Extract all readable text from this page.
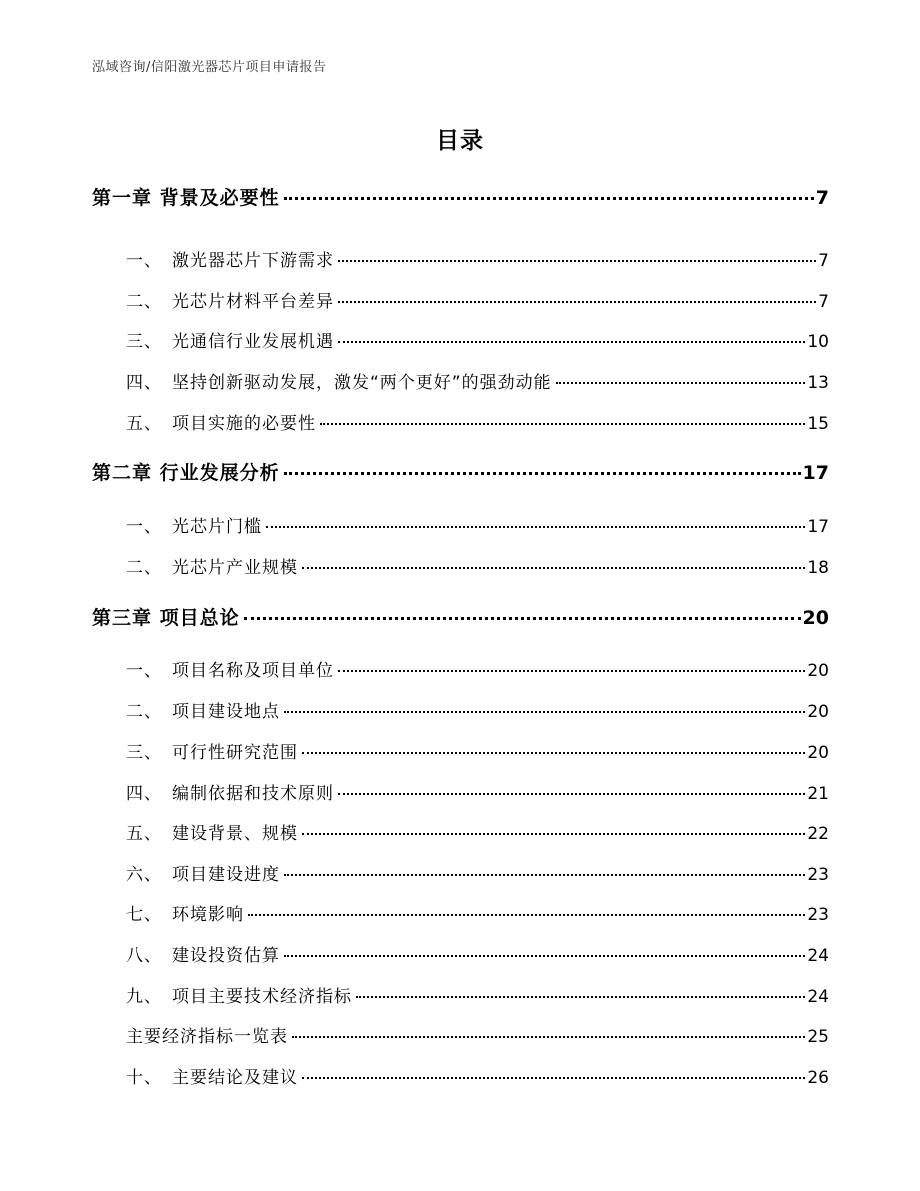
泓域咨询/信阳激光器芯片项目申请报告
目录
第一章 背景及必要性	7
一、 激光器芯片下游需求	7
二、 光芯片材料平台差异	7
三、 光通信行业发展机遇	10
四、 坚持创新驱动发展，激发“两个更好”的强劲动能	13
五、 项目实施的必要性	15
第二章 行业发展分析	17
一、 光芯片门槛	17
二、 光芯片产业规模	18
第三章 项目总论	20
一、 项目名称及项目单位	20
二、 项目建设地点	20
三、 可行性研究范围	20
四、 编制依据和技术原则	21
五、 建设背景、规模	22
六、 项目建设进度	23
七、 环境影响	23
八、 建设投资估算	24
九、 项目主要技术经济指标	24
主要经济指标一览表	25
十、 主要结论及建议	26
